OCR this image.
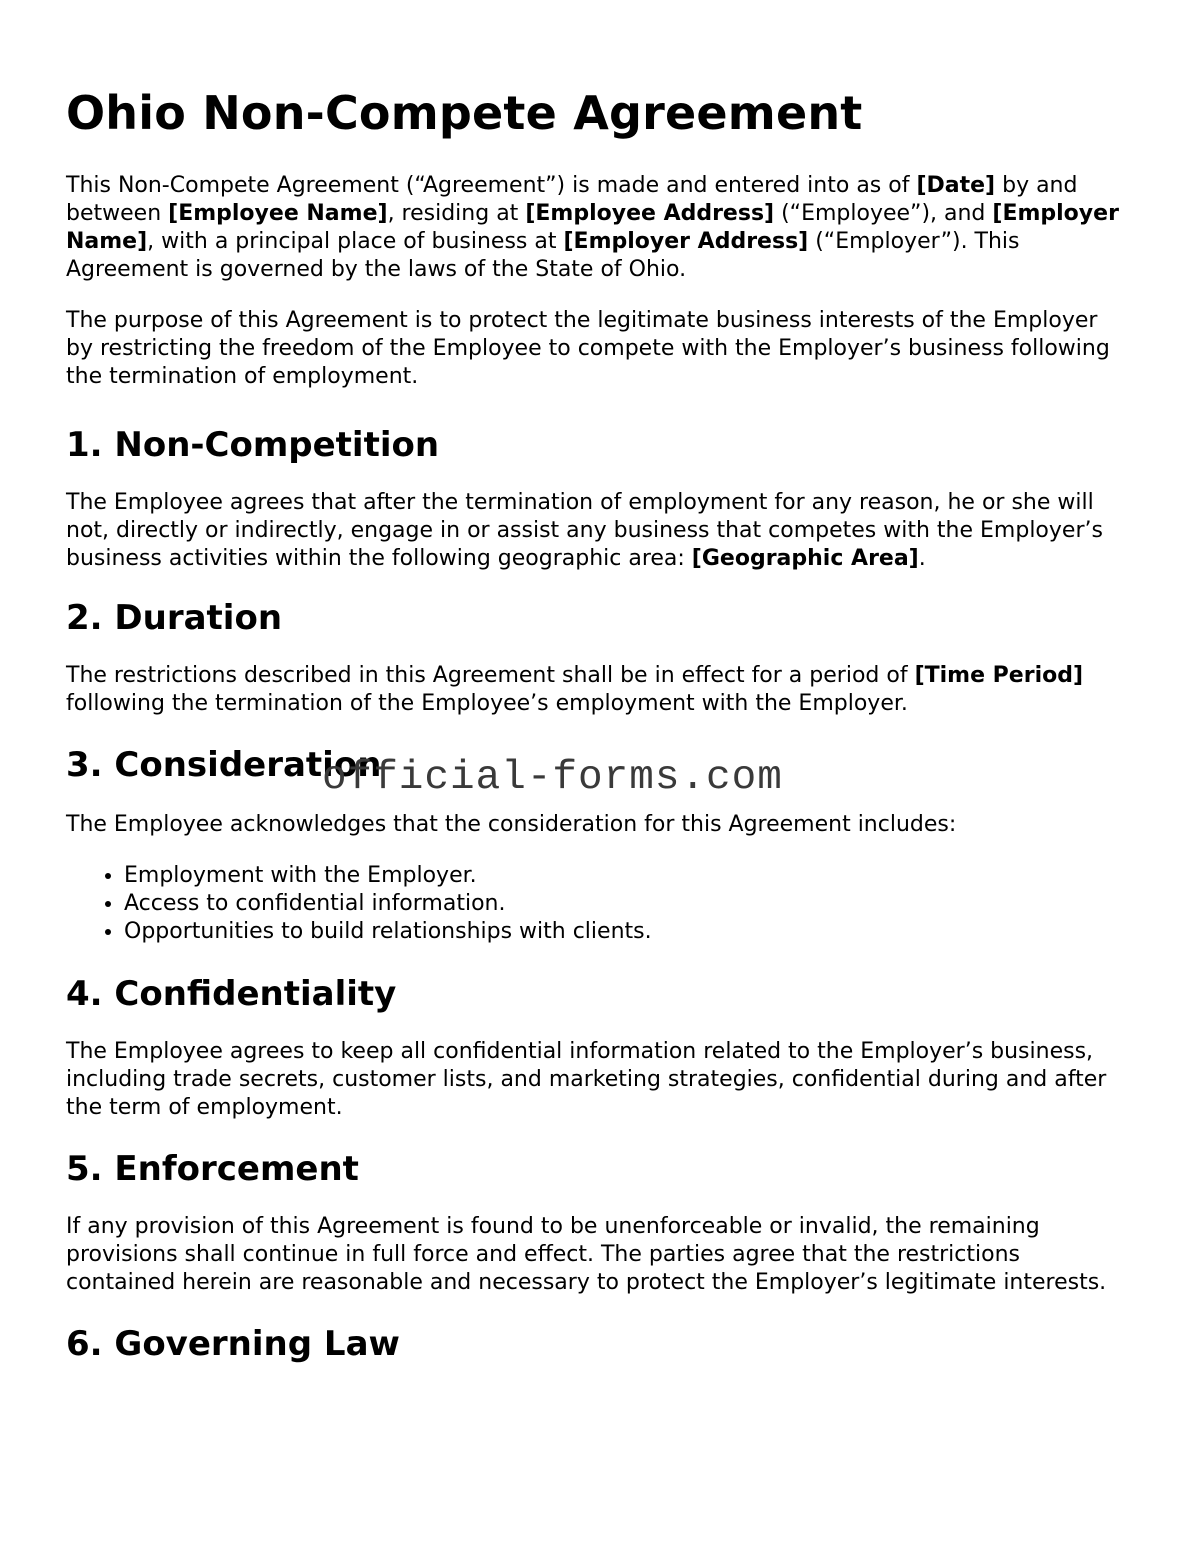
Ohio Non-Compete Agreement

This Non-Compete Agreement (“Agreement”) is made and entered into as of [Date] by and between [Employee Name], residing at [Employee Address] (“Employee”), and [Employer Name], with a principal place of business at [Employer Address] (“Employer”). This Agreement is governed by the laws of the State of Ohio.

The purpose of this Agreement is to protect the legitimate business interests of the Employer by restricting the freedom of the Employee to compete with the Employer’s business following the termination of employment.

1. Non-Competition

The Employee agrees that after the termination of employment for any reason, he or she will not, directly or indirectly, engage in or assist any business that competes with the Employer’s business activities within the following geographic area: [Geographic Area].

2. Duration

The restrictions described in this Agreement shall be in effect for a period of [Time Period] following the termination of the Employee’s employment with the Employer.

3. Consideration

The Employee acknowledges that the consideration for this Agreement includes:

• Employment with the Employer.
• Access to confidential information.
• Opportunities to build relationships with clients.
4. Confidentiality

The Employee agrees to keep all confidential information related to the Employer’s business, including trade secrets, customer lists, and marketing strategies, confidential during and after the term of employment.

5. Enforcement

If any provision of this Agreement is found to be unenforceable or invalid, the remaining provisions shall continue in full force and effect. The parties agree that the restrictions contained herein are reasonable and necessary to protect the Employer’s legitimate interests.

6. Governing Law
official-forms.com
